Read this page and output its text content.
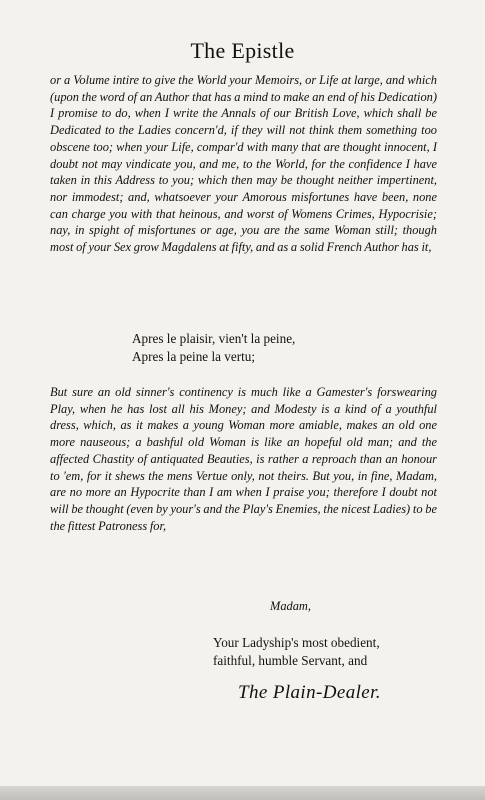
The Epistle
or a Volume intire to give the World your Memoirs, or Life at large, and which (upon the word of an Author that has a mind to make an end of his Dedication) I promise to do, when I write the Annals of our British Love, which shall be Dedicated to the Ladies concern'd, if they will not think them something too obscene too; when your Life, compar'd with many that are thought innocent, I doubt not may vindicate you, and me, to the World, for the confidence I have taken in this Address to you; which then may be thought neither impertinent, nor immodest; and, whatsoever your Amorous misfortunes have been, none can charge you with that heinous, and worst of Womens Crimes, Hypocrisie; nay, in spight of misfortunes or age, you are the same Woman still; though most of your Sex grow Magdalens at fifty, and as a solid French Author has it,
Apres le plaisir, vien't la peine,
Apres la peine la vertu;
But sure an old sinner's continency is much like a Gamester's forswearing Play, when he has lost all his Money; and Modesty is a kind of a youthful dress, which, as it makes a young Woman more amiable, makes an old one more nauseous; a bashful old Woman is like an hopeful old man; and the affected Chastity of antiquated Beauties, is rather a reproach than an honour to 'em, for it shews the mens Vertue only, not theirs. But you, in fine, Madam, are no more an Hypocrite than I am when I praise you; therefore I doubt not will be thought (even by your's and the Play's Enemies, the nicest Ladies) to be the fittest Patroness for,
Madam,
Your Ladyship's most obedient,
faithful, humble Servant, and
The Plain-Dealer.
